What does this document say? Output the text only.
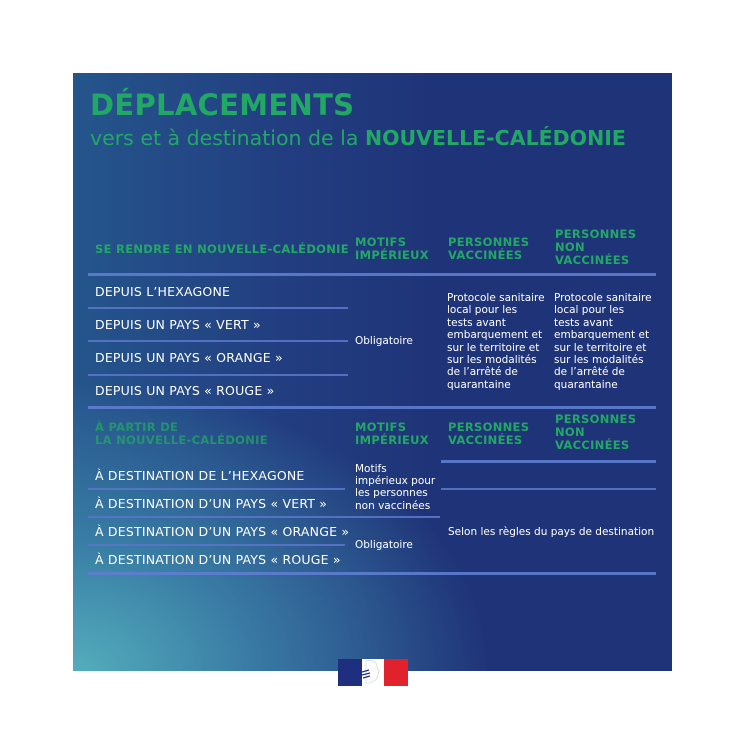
DÉPLACEMENTS
vers et à destination de la NOUVELLE-CALÉDONIE
SE RENDRE EN NOUVELLE-CALÉDONIE MOTIFS
IMPÉRIEUX
PERSONNES
VACCINÉES
PERSONNES
NON
VACCINÉES
DEPUIS L’HEXAGONE
DEPUIS UN PAYS « VERT »
DEPUIS UN PAYS « ORANGE »
DEPUIS UN PAYS « ROUGE »
Obligatoire
Protocole sanitaire
local pour les
tests avant
embarquement et
sur le territoire et
sur les modalités
de l’arrêté de
quarantaine
Protocole sanitaire
local pour les
tests avant
embarquement et
sur le territoire et
sur les modalités
de l’arrêté de
quarantaine
À PARTIR DE
LA NOUVELLE-CALÉDONIE
MOTIFS
IMPÉRIEUX
PERSONNES
VACCINÉES
PERSONNES
NON
VACCINÉES
À DESTINATION DE L’HEXAGONE
À DESTINATION D’UN PAYS « VERT »
À DESTINATION D’UN PAYS « ORANGE »
À DESTINATION D’UN PAYS « ROUGE »
Motifs
impérieux pour
les personnes
non vaccinées
Obligatoire
Selon les règles du pays de destination
